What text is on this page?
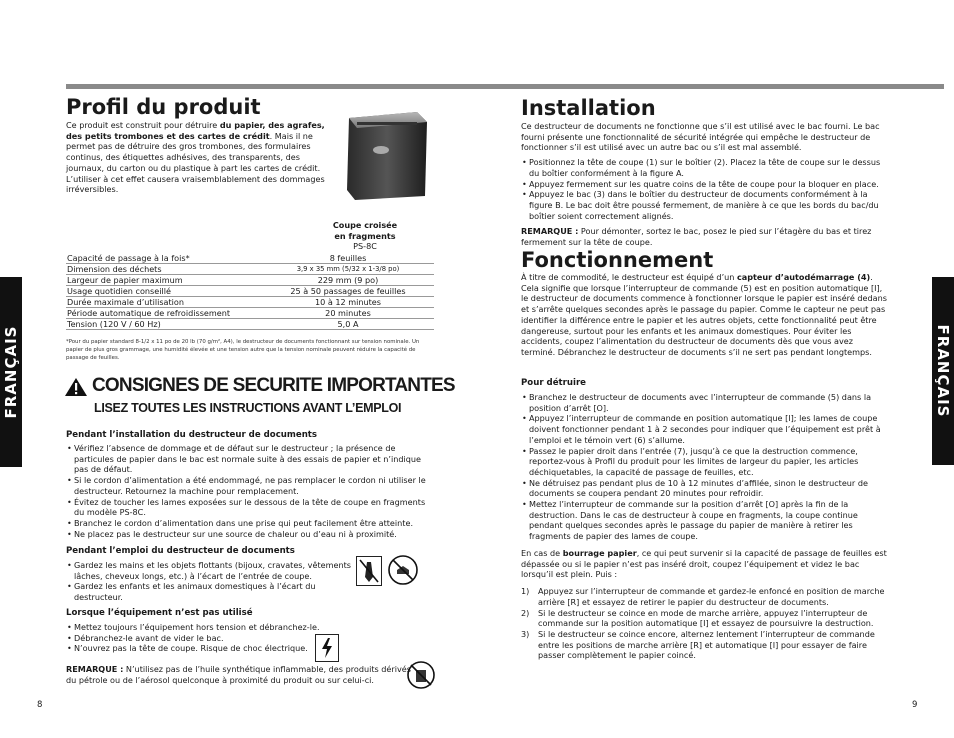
FRANÇAIS	FRANÇAIS
Profil du produit

Ce produit est construit pour détruire du papier, des agrafes, des petits trombones et des cartes de crédit. Mais il ne permet pas de détruire des gros trombones, des formulaires continus, des étiquettes adhésives, des transparents, des journaux, du carton ou du plastique à part les cartes de crédit. L’utiliser à cet effet causera vraisemblablement des dommages irréversibles.

Coupe croisée
en fragments
PS-8C
Capacité de passage à la fois*	8 feuilles
Dimension des déchets	3,9 x 35 mm (5/32 x 1-3/8 po)
Largeur de papier maximum	229 mm (9 po)
Usage quotidien conseillé	25 à 50 passages de feuilles
Durée maximale d’utilisation	10 à 12 minutes
Période automatique de refroidissement	20 minutes
Tension (120 V / 60 Hz)	5,0 A
*Pour du papier standard 8-1/2 x 11 po de 20 lb (70 g/m², A4), le destructeur de documents fonctionnant sur tension nominale. Un papier de plus gros grammage, une humidité élevée et une tension autre que la tension nominale peuvent réduire la capacité de passage de feuilles.
CONSIGNES DE SECURITE IMPORTANTES
LISEZ TOUTES LES INSTRUCTIONS AVANT L’EMPLOI
Pendant l’installation du destructeur de documents
• Vérifiez l’absence de dommage et de défaut sur le destructeur ; la présence de particules de papier dans le bac est normale suite à des essais de papier et n’indique pas de défaut.
• Si le cordon d’alimentation a été endommagé, ne pas remplacer le cordon ni utiliser le destructeur. Retournez la machine pour remplacement.
• Évitez de toucher les lames exposées sur le dessous de la tête de coupe en fragments du modèle PS-8C.
• Branchez le cordon d’alimentation dans une prise qui peut facilement être atteinte.
• Ne placez pas le destructeur sur une source de chaleur ou d’eau ni à proximité.
Pendant l’emploi du destructeur de documents
• Gardez les mains et les objets flottants (bijoux, cravates, vêtements lâches, cheveux longs, etc.) à l’écart de l’entrée de coupe.
• Gardez les enfants et les animaux domestiques à l’écart du destructeur.
Lorsque l’équipement n’est pas utilisé
• Mettez toujours l’équipement hors tension et débranchez-le.
• Débranchez-le avant de vider le bac.
• N’ouvrez pas la tête de coupe. Risque de choc électrique.

REMARQUE : N’utilisez pas de l’huile synthétique inflammable, des produits dérivés du pétrole ou de l’aérosol quelconque à proximité du produit ou sur celui-ci.

8
Installation

Ce destructeur de documents ne fonctionne que s’il est utilisé avec le bac fourni. Le bac fourni présente une fonctionnalité de sécurité intégrée qui empêche le destructeur de fonctionner s’il est utilisé avec un autre bac ou s’il est mal assemblé.

• Positionnez la tête de coupe (1) sur le boîtier (2). Placez la tête de coupe sur le dessus du boîtier conformément à la figure A.
• Appuyez fermement sur les quatre coins de la tête de coupe pour la bloquer en place.
• Appuyez le bac (3) dans le boîtier du destructeur de documents conformément à la figure B. Le bac doit être poussé fermement, de manière à ce que les bords du bac/du boîtier soient correctement alignés.

REMARQUE : Pour démonter, sortez le bac, posez le pied sur l’étagère du bas et tirez fermement sur la tête de coupe.

Fonctionnement

À titre de commodité, le destructeur est équipé d’un capteur d’autodémarrage (4). Cela signifie que lorsque l’interrupteur de commande (5) est en position automatique [I], le destructeur de documents commence à fonctionner lorsque le papier est inséré dedans et s’arrête quelques secondes après le passage du papier. Comme le capteur ne peut pas identifier la différence entre le papier et les autres objets, cette fonctionnalité peut être dangereuse, surtout pour les enfants et les animaux domestiques. Pour éviter les accidents, coupez l’alimentation du destructeur de documents dès que vous avez terminé. Débranchez le destructeur de documents s’il ne sert pas pendant longtemps.

Pour détruire
• Branchez le destructeur de documents avec l’interrupteur de commande (5) dans la position d’arrêt [O].
• Appuyez l’interrupteur de commande en position automatique [I]; les lames de coupe doivent fonctionner pendant 1 à 2 secondes pour indiquer que l’équipement est prêt à l’emploi et le témoin vert (6) s’allume.
• Passez le papier droit dans l’entrée (7), jusqu’à ce que la destruction commence, reportez-vous à Profil du produit pour les limites de largeur du papier, les articles déchiquetables, la capacité de passage de feuilles, etc.
• Ne détruisez pas pendant plus de 10 à 12 minutes d’affilée, sinon le destructeur de documents se coupera pendant 20 minutes pour refroidir.
• Mettez l’interrupteur de commande sur la position d’arrêt [O] après la fin de la destruction. Dans le cas de destructeur à coupe en fragments, la coupe continue pendant quelques secondes après le passage du papier de manière à retirer les fragments de papier des lames de coupe.

En cas de bourrage papier, ce qui peut survenir si la capacité de passage de feuilles est dépassée ou si le papier n’est pas inséré droit, coupez l’équipement et videz le bac lorsqu’il est plein. Puis :

1) Appuyez sur l’interrupteur de commande et gardez-le enfoncé en position de marche arrière [R] et essayez de retirer le papier du destructeur de documents.
2) Si le destructeur se coince en mode de marche arrière, appuyez l’interrupteur de commande sur la position automatique [I] et essayez de poursuivre la destruction.
3) Si le destructeur se coince encore, alternez lentement l’interrupteur de commande entre les positions de marche arrière [R] et automatique [I] pour essayer de faire passer complètement le papier coincé.
9
